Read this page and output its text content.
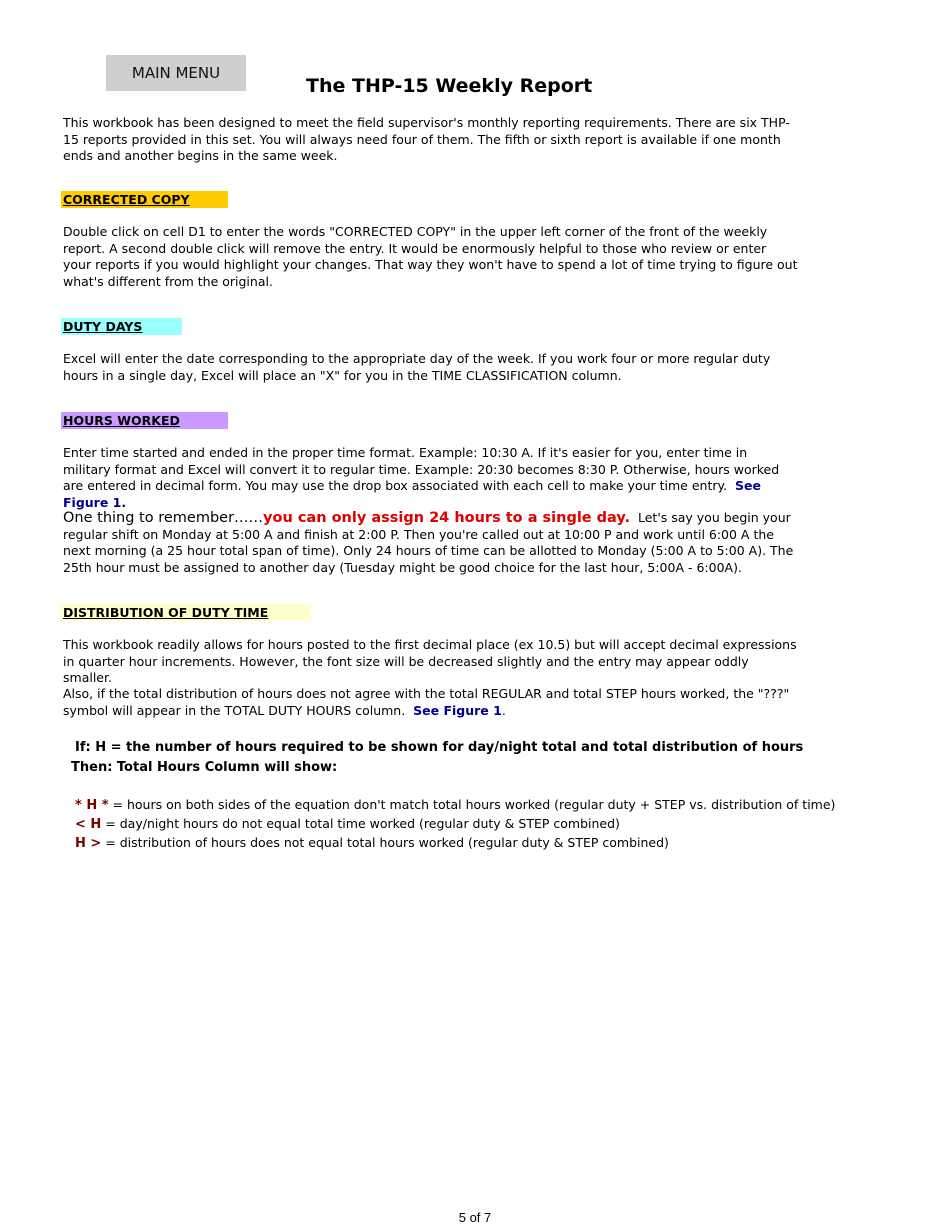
MAIN MENU
The THP-15 Weekly Report

This workbook has been designed to meet the field supervisor's monthly reporting requirements. There are six THP-15 reports provided in this set. You will always need four of them. The fifth or sixth report is available if one month ends and another begins in the same week.

CORRECTED COPY

Double click on cell D1 to enter the words "CORRECTED COPY" in the upper left corner of the front of the weekly report. A second double click will remove the entry. It would be enormously helpful to those who review or enter your reports if you would highlight your changes. That way they won't have to spend a lot of time trying to figure out what's different from the original.

DUTY DAYS

Excel will enter the date corresponding to the appropriate day of the week. If you work four or more regular duty hours in a single day, Excel will place an "X" for you in the TIME CLASSIFICATION column.

HOURS WORKED

Enter time started and ended in the proper time format. Example: 10:30 A. If it's easier for you, enter time in military format and Excel will convert it to regular time. Example: 20:30 becomes 8:30 P. Otherwise, hours worked are entered in decimal form. You may use the drop box associated with each cell to make your time entry. See Figure 1.

One thing to remember……you can only assign 24 hours to a single day. Let's say you begin your regular shift on Monday at 5:00 A and finish at 2:00 P. Then you're called out at 10:00 P and work until 6:00 A the next morning (a 25 hour total span of time). Only 24 hours of time can be allotted to Monday (5:00 A to 5:00 A). The 25th hour must be assigned to another day (Tuesday might be good choice for the last hour, 5:00A - 6:00A).

DISTRIBUTION OF DUTY TIME

This workbook readily allows for hours posted to the first decimal place (ex 10.5) but will accept decimal expressions in quarter hour increments. However, the font size will be decreased slightly and the entry may appear oddly smaller.

Also, if the total distribution of hours does not agree with the total REGULAR and total STEP hours worked, the "???" symbol will appear in the TOTAL DUTY HOURS column. See Figure 1.

If: H = the number of hours required to be shown for day/night total and total distribution of hours

Then: Total Hours Column will show:

* H * = hours on both sides of the equation don't match total hours worked (regular duty + STEP vs. distribution of time)

< H = day/night hours do not equal total time worked (regular duty & STEP combined)

H > = distribution of hours does not equal total hours worked (regular duty & STEP combined)

5 of 7
